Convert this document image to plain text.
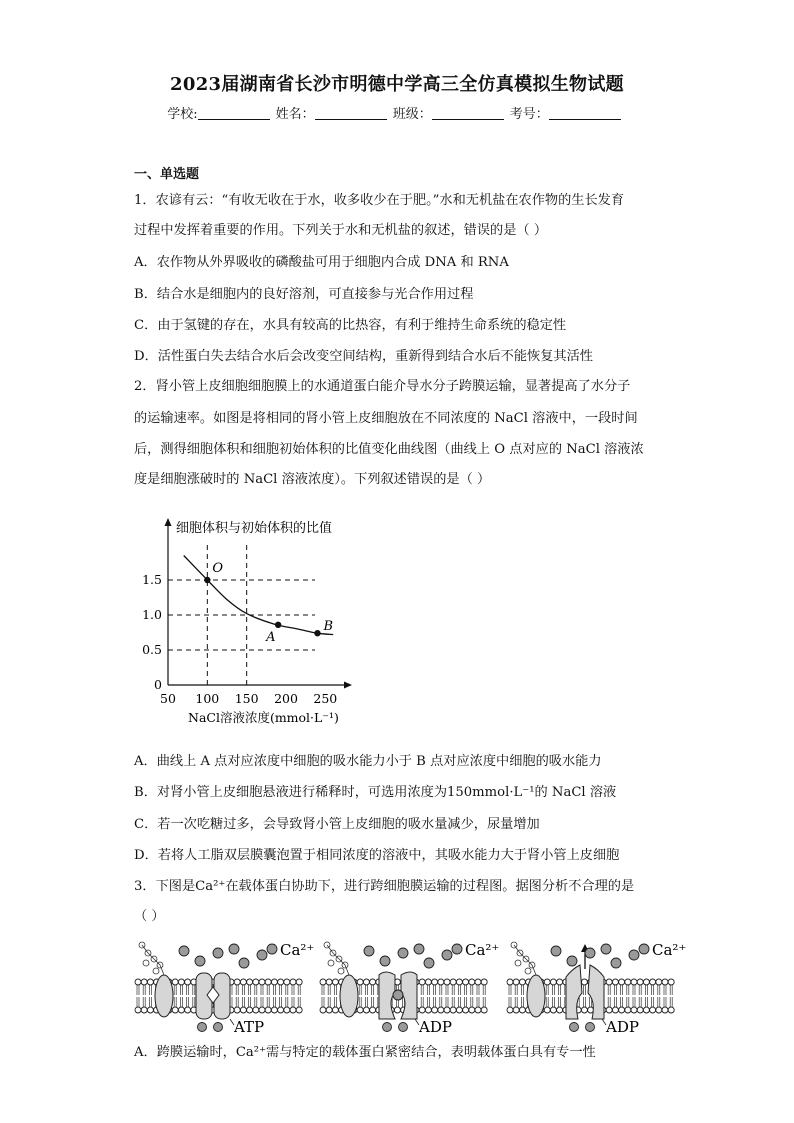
2023届湖南省长沙市明德中学高三全仿真模拟生物试题
学校:	姓名：	班级：	考号：
一、单选题
1．农谚有云：“有收无收在于水，收多收少在于肥。”水和无机盐在农作物的生长发育
过程中发挥着重要的作用。下列关于水和无机盐的叙述，错误的是（ ）
A．农作物从外界吸收的磷酸盐可用于细胞内合成 DNA 和 RNA
B．结合水是细胞内的良好溶剂，可直接参与光合作用过程
C．由于氢键的存在，水具有较高的比热容，有利于维持生命系统的稳定性
D．活性蛋白失去结合水后会改变空间结构，重新得到结合水后不能恢复其活性
2．肾小管上皮细胞细胞膜上的水通道蛋白能介导水分子跨膜运输，显著提高了水分子
的运输速率。如图是将相同的肾小管上皮细胞放在不同浓度的 NaCl 溶液中，一段时间
后，测得细胞体积和细胞初始体积的比值变化曲线图（曲线上 O 点对应的 NaCl 溶液浓
度是细胞涨破时的 NaCl 溶液浓度）。下列叙述错误的是（ ）
细胞体积与初始体积的比值
50 100 150 200 250
0
0.5
1.0
1.5
O
A
B
NaCl溶液浓度(mmol·L⁻¹)
A．曲线上 A 点对应浓度中细胞的吸水能力小于 B 点对应浓度中细胞的吸水能力
B．对肾小管上皮细胞悬液进行稀释时，可选用浓度为150mmol·L⁻¹的 NaCl 溶液
C．若一次吃糖过多，会导致肾小管上皮细胞的吸水量减少，尿量增加
D．若将人工脂双层膜囊泡置于相同浓度的溶液中，其吸水能力大于肾小管上皮细胞
3．下图是Ca²⁺在载体蛋白协助下，进行跨细胞膜运输的过程图。据图分析不合理的是
（ ）
Ca²⁺
ATP
Ca²⁺
ADP
Ca²⁺
ADP
A．跨膜运输时，Ca²⁺需与特定的载体蛋白紧密结合，表明载体蛋白具有专一性
